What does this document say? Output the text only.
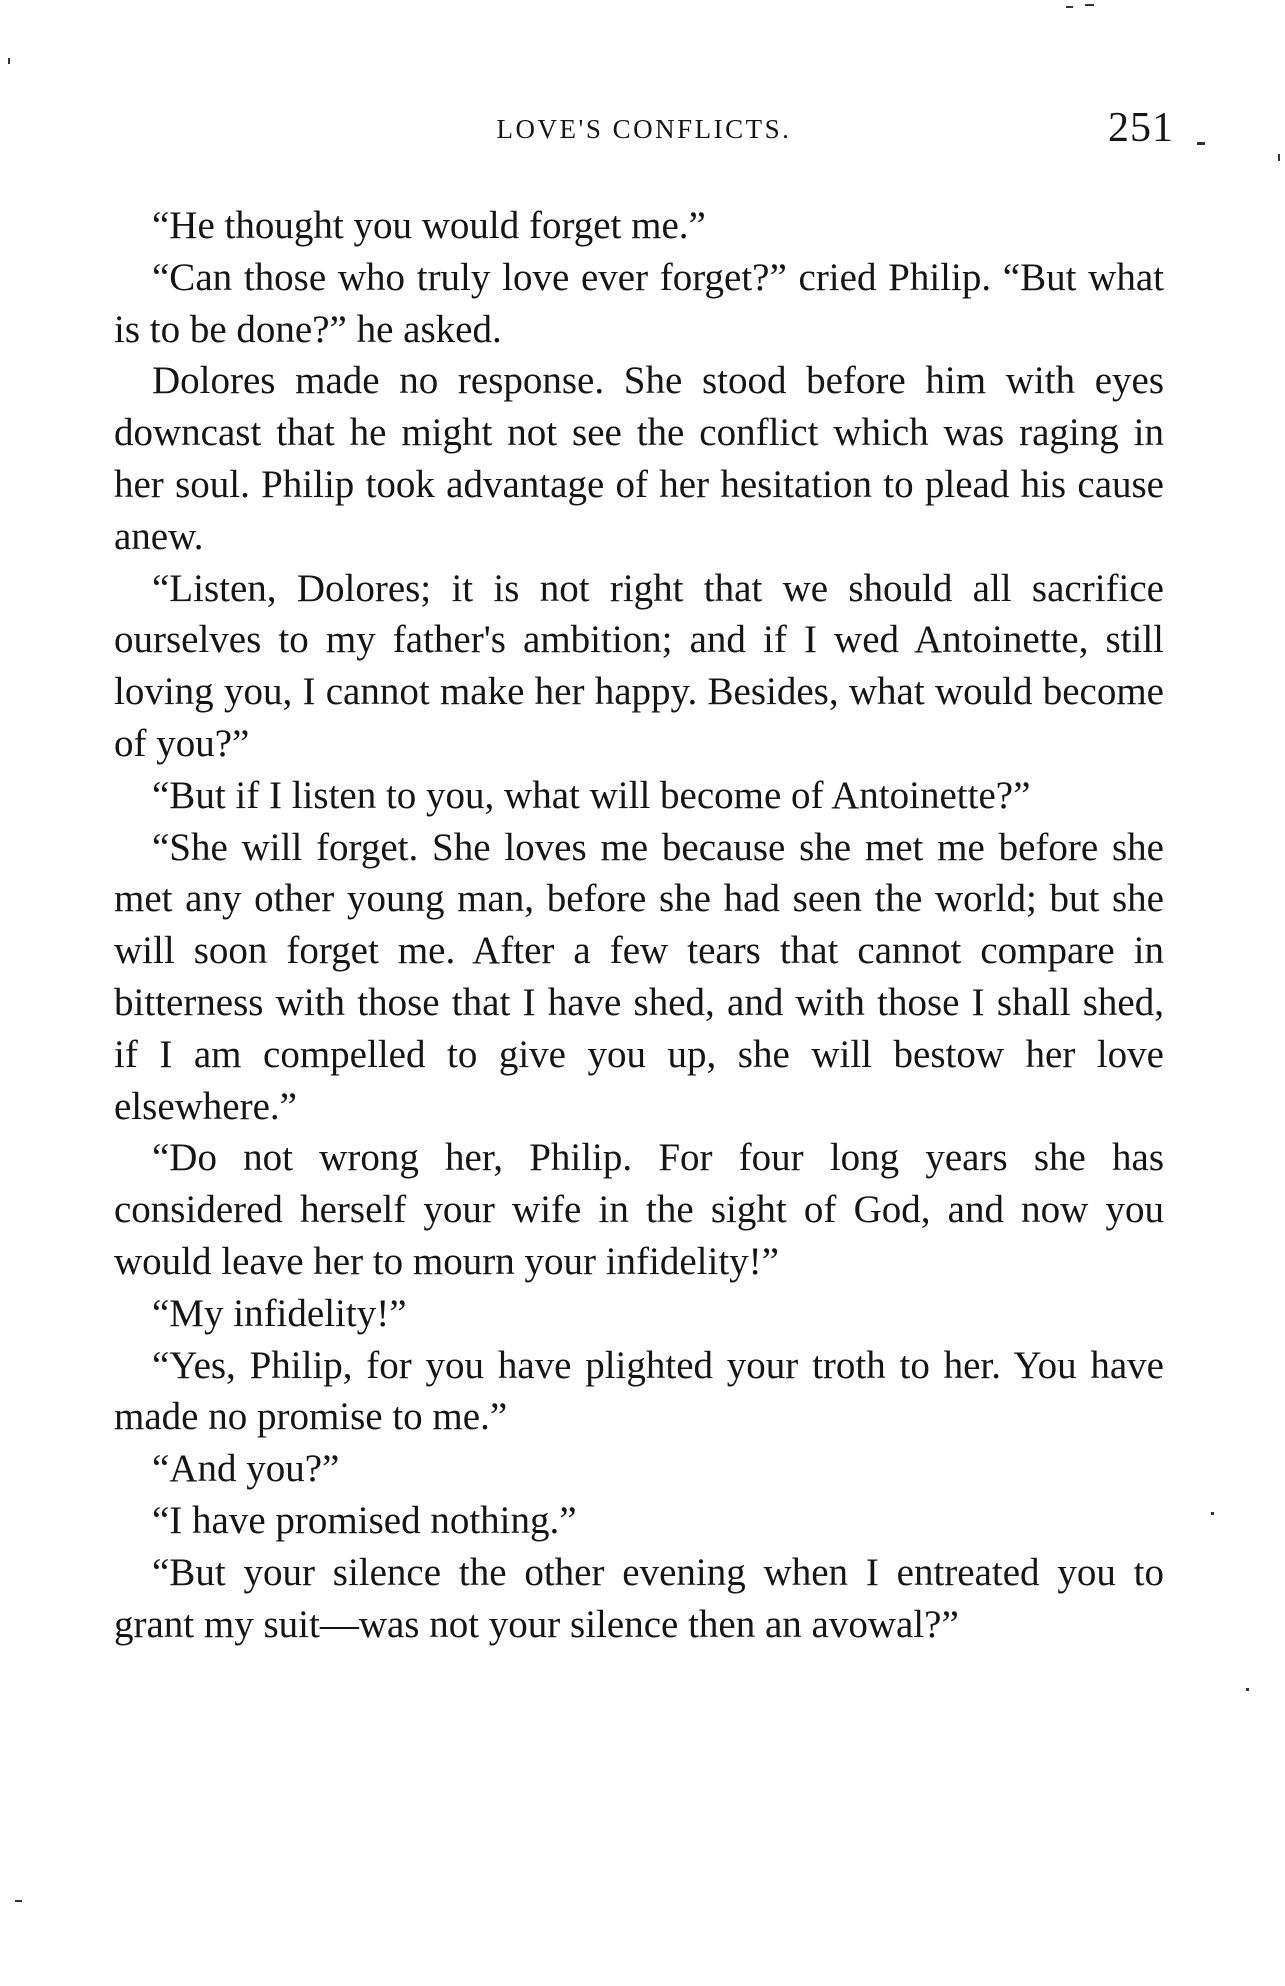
LOVE'S CONFLICTS.	251

“He thought you would forget me.”

“Can those who truly love ever forget?” cried Philip. “But what is to be done?” he asked.

Dolores made no response. She stood before him with eyes downcast that he might not see the conflict which was raging in her soul. Philip took advantage of her hesitation to plead his cause anew.

“Listen, Dolores; it is not right that we should all sacrifice ourselves to my father's ambition; and if I wed Antoinette, still loving you, I cannot make her happy. Besides, what would become of you?”

“But if I listen to you, what will become of Antoinette?”

“She will forget. She loves me because she met me before she met any other young man, before she had seen the world; but she will soon forget me. After a few tears that cannot compare in bitterness with those that I have shed, and with those I shall shed, if I am compelled to give you up, she will bestow her love elsewhere.”

“Do not wrong her, Philip. For four long years she has considered herself your wife in the sight of God, and now you would leave her to mourn your infidelity!”

“My infidelity!”

“Yes, Philip, for you have plighted your troth to her. You have made no promise to me.”

“And you?”

“I have promised nothing.”

“But your silence the other evening when I entreated you to grant my suit—was not your silence then an avowal?”
